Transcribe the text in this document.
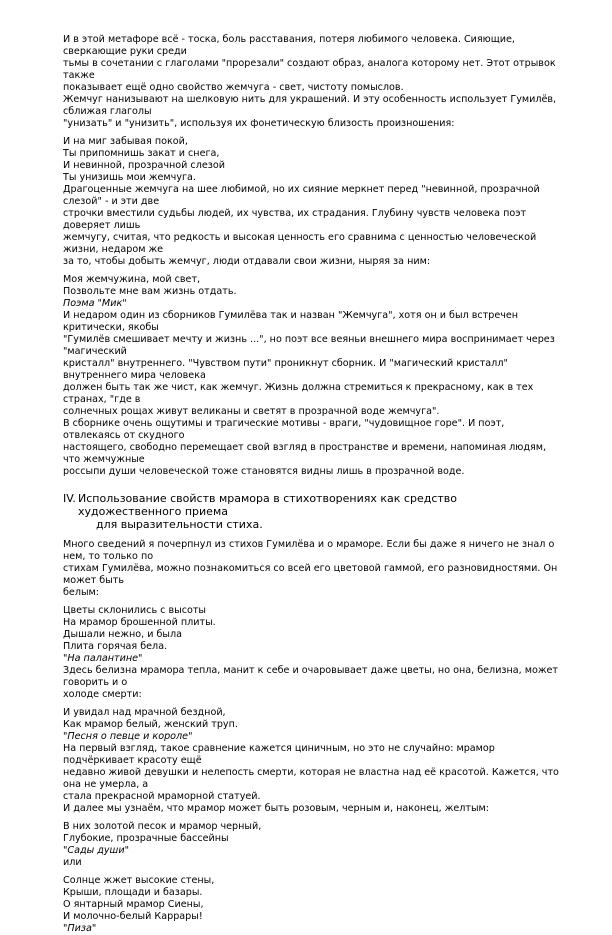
И в этой метафоре всё - тоска, боль расставания, потеря любимого человека. Сияющие, сверкающие руки среди

тьмы в сочетании с глаголами "прорезали" создают образ, аналога которому нет. Этот отрывок также

показывает ещё одно свойство жемчуга - свет, чистоту помыслов.

Жемчуг нанизывают на шелковую нить для украшений. И эту особенность использует Гумилёв, сближая глаголы

"унизать" и "унизить", используя их фонетическую близость произношения:

И на миг забывая покой,

Ты припомнишь закат и снега,

И невинной, прозрачной слезой

Ты унизишь мои жемчуга.

Драгоценные жемчуга на шее любимой, но их сияние меркнет перед "невинной, прозрачной слезой" - и эти две

строчки вместили судьбы людей, их чувства, их страдания. Глубину чувств человека поэт доверяет лишь

жемчугу, считая, что редкость и высокая ценность его сравнима с ценностью человеческой жизни, недаром же

за то, чтобы добыть жемчуг, люди отдавали свои жизни, ныряя за ним:

Моя жемчужина, мой свет,

Позвольте мне вам жизнь отдать.

Поэма "Мик"

И недаром один из сборников Гумилёва так и назван "Жемчуга", хотя он и был встречен критически, якобы

"Гумилёв смешивает мечту и жизнь ...", но поэт все веяньи внешнего мира воспринимает через "магический

кристалл" внутреннего. "Чувством пути" проникнут сборник. И "магический кристалл" внутреннего мира человека

должен быть так же чист, как жемчуг. Жизнь должна стремиться к прекрасному, как в тех странах, "где в

солнечных рощах живут великаны и светят в прозрачной воде жемчуга".

В сборнике очень ощутимы и трагические мотивы - враги, "чудовищное горе". И поэт, отвлекаясь от скудного

настоящего, свободно перемещает свой взгляд в пространстве и времени, напоминая людям, что жемчужные

россыпи души человеческой тоже становятся видны лишь в прозрачной воде.

IV. Использование свойств мрамора в стихотворениях как средство художественного приема
для выразительности стиха.

Много сведений я почерпнул из стихов Гумилёва и о мраморе. Если бы даже я ничего не знал о нем, то только по

стихам Гумилёва, можно познакомиться со всей его цветовой гаммой, его разновидностями. Он может быть

белым:

Цветы склонились с высоты

На мрамор брошенной плиты.

Дышали нежно, и была

Плита горячая бела.

"На палантине"

Здесь белизна мрамора тепла, манит к себе и очаровывает даже цветы, но она, белизна, может говорить и о

холоде смерти:

И увидал над мрачной бездной,

Как мрамор белый, женский труп.

"Песня о певце и короле"

На первый взгляд, такое сравнение кажется циничным, но это не случайно: мрамор подчёркивает красоту ещё

недавно живой девушки и нелепость смерти, которая не властна над её красотой. Кажется, что она не умерла, а

стала прекрасной мраморной статуей.

И далее мы узнаём, что мрамор может быть розовым, черным и, наконец, желтым:

В них золотой песок и мрамор черный,

Глубокие, прозрачные бассейны

"Сады души"

или

Солнце жжет высокие стены,

Крыши, площади и базары.

О янтарный мрамор Сиены,

И молочно-белый Каррары!

"Пиза"
